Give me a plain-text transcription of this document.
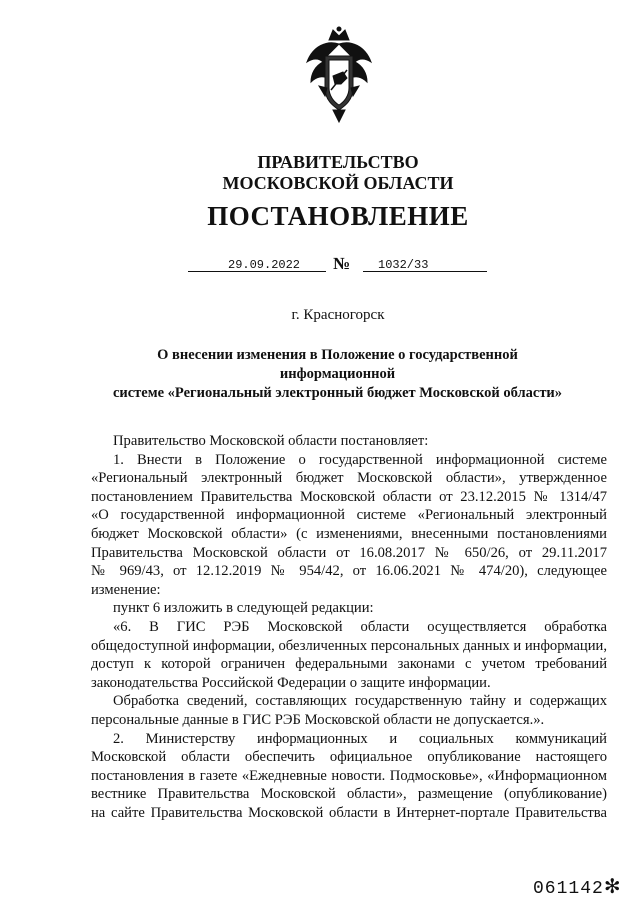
ПРАВИТЕЛЬСТВО
МОСКОВСКОЙ ОБЛАСТИ
ПОСТАНОВЛЕНИЕ
29.09.2022 № 1032/33
г. Красногорск
О внесении изменения в Положение о государственной информационной
системе «Региональный электронный бюджет Московской области»

Правительство Московской области постановляет:

1. Внести в Положение о государственной информационной системе

«Региональный электронный бюджет Московской области», утвержденное

постановлением Правительства Московской области от 23.12.2015 № 1314/47

«О государственной информационной системе «Региональный электронный

бюджет Московской области» (с изменениями, внесенными постановлениями

Правительства Московской области от 16.08.2017 № 650/26, от 29.11.2017

№ 969/43, от 12.12.2019 № 954/42, от 16.06.2021 № 474/20), следующее

изменение:

пункт 6 изложить в следующей редакции:

«6. В ГИС РЭБ Московской области осуществляется обработка

общедоступной информации, обезличенных персональных данных и информации,

доступ к которой ограничен федеральными законами с учетом требований

законодательства Российской Федерации о защите информации.

Обработка сведений, составляющих государственную тайну и содержащих

персональные данные в ГИС РЭБ Московской области не допускается.».

2. Министерству информационных и социальных коммуникаций

Московской области обеспечить официальное опубликование настоящего

постановления в газете «Ежедневные новости. Подмосковье», «Информационном

вестнике Правительства Московской области», размещение (опубликование)

на сайте Правительства Московской области в Интернет-портале Правительства

061142✻
